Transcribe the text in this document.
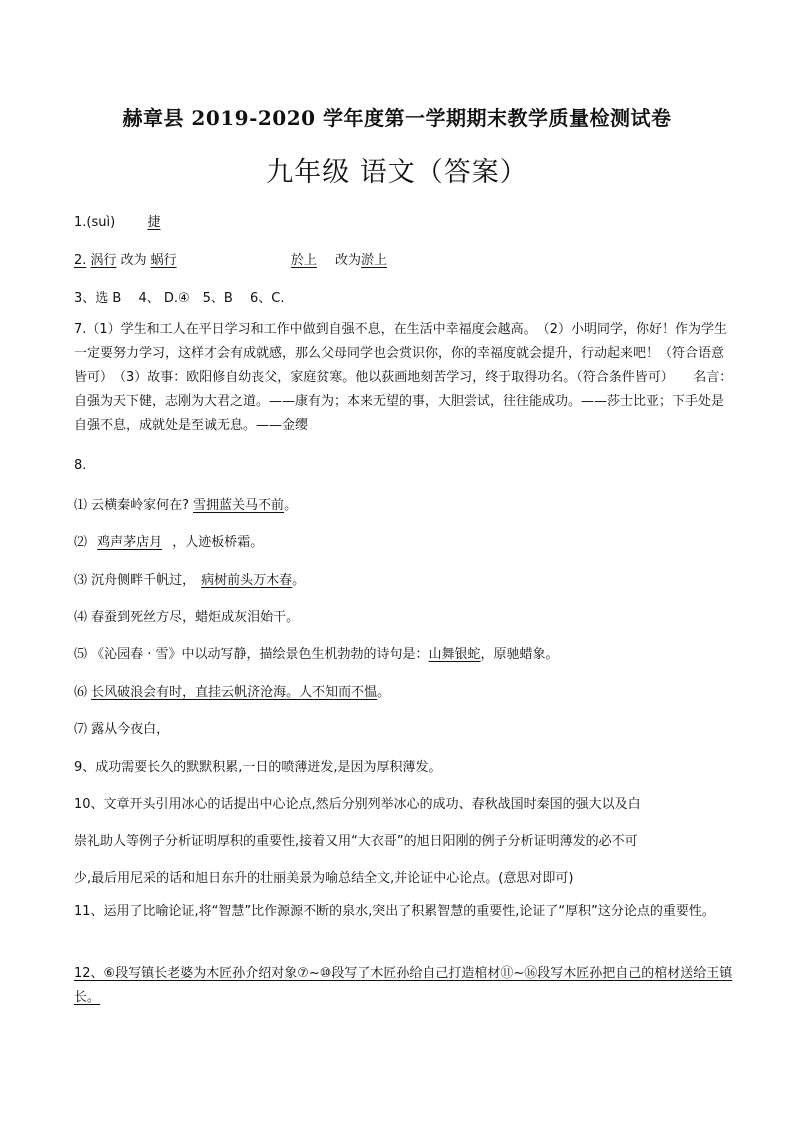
赫章县 2019-2020 学年度第一学期期末教学质量检测试卷
九年级 语文（答案）
1.(suì) 捷
2. 涡行 改为 蜗行	於上 改为淤上
3、选 B　 4、 D.④　5、B　 6、C.
7.（1）学生和工人在平日学习和工作中做到自强不息，在生活中幸福度会越高。　（2）小明同学，你好！作为学生一定要努力学习，这样才会有成就感，那么父母同学也会赏识你，你的幸福度就会提升，行动起来吧！（符合语意皆可）　（3）故事：欧阳修自幼丧父，家庭贫寒。他以荻画地刻苦学习，终于取得功名。（符合条件皆可）　　名言：自强为天下健，志刚为大君之道。——康有为；本来无望的事，大胆尝试，往往能成功。——莎士比亚；下手处是自强不息，成就处是至诚无息。——金缨
8.
⑴ 云横秦岭家何在? 雪拥蓝关马不前。
⑵ 鸡声茅店月 ，人迹板桥霜。
⑶ 沉舟侧畔千帆过， 病树前头万木春。
⑷ 春蚕到死丝方尽，蜡炬成灰泪始干。
⑸ 《沁园春 · 雪》中以动写静，描绘景色生机勃勃的诗句是：山舞银蛇，原驰蜡象。
⑹ 长风破浪会有时，直挂云帆济沧海。人不知而不愠。
⑺ 露从今夜白，
9、成功需要长久的默默积累,一日的喷薄迸发,是因为厚积薄发。
10、文章开头引用冰心的话提出中心论点,然后分别列举冰心的成功、春秋战国时秦国的强大以及白
崇礼助人等例子分析证明厚积的重要性,接着又用“大衣哥”的旭日阳刚的例子分析证明薄发的必不可
少,最后用尼采的话和旭日东升的壮丽美景为喻总结全文,并论证中心论点。(意思对即可)
11、运用了比喻论证,将“智慧”比作源源不断的泉水,突出了积累智慧的重要性,论证了“厚积”这分论点的重要性。
12、⑥段写镇长老婆为木匠孙介绍对象⑦~⑩段写了木匠孙给自己打造棺材⑪~⑯段写木匠孙把自己的棺材送给王镇长。
